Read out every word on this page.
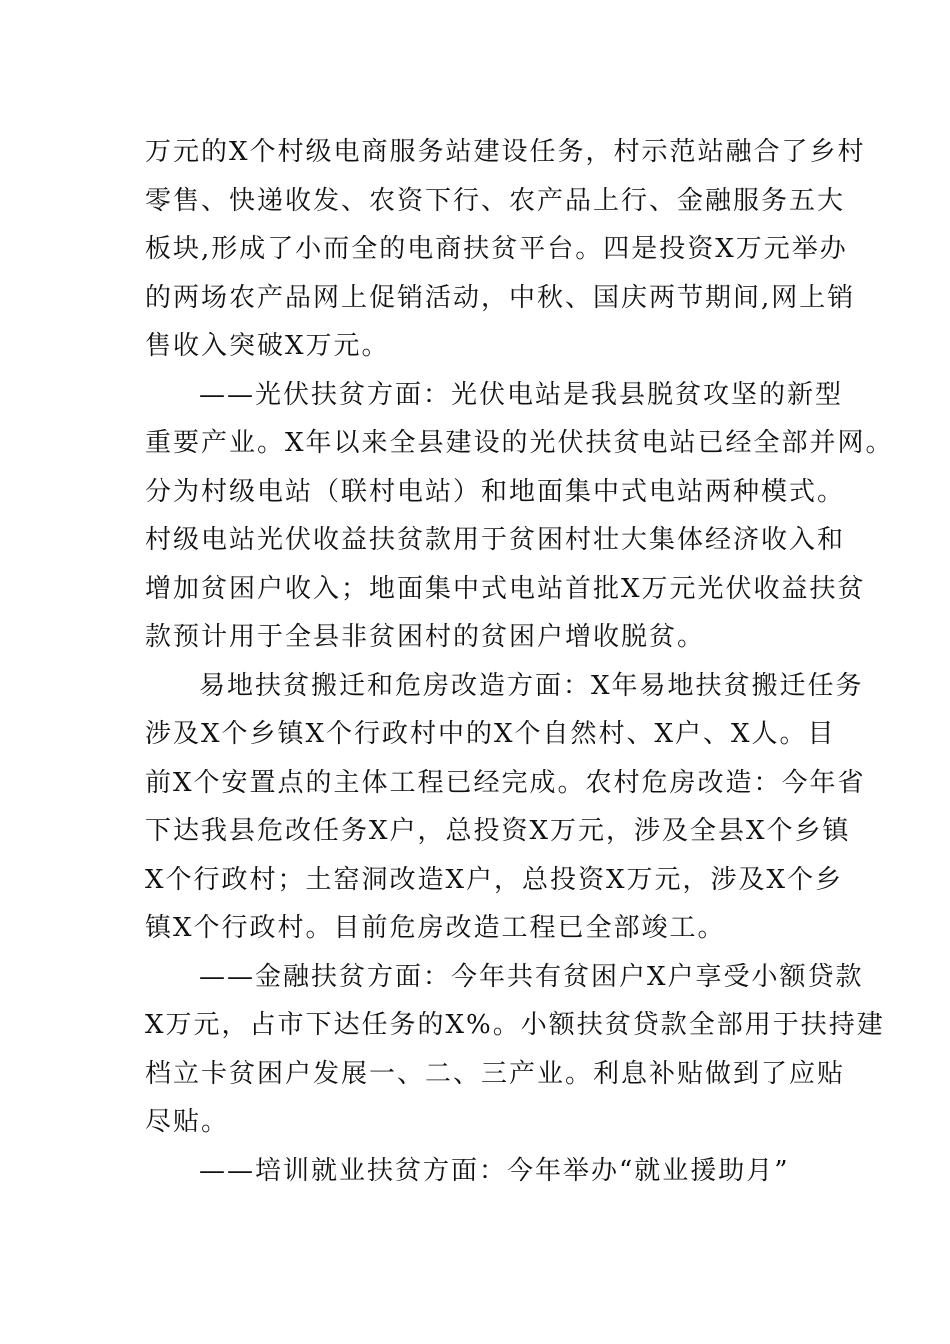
万元的X个村级电商服务站建设任务，村示范站融合了乡村
零售、快递收发、农资下行、农产品上行、金融服务五大
板块,形成了小而全的电商扶贫平台。四是投资X万元举办
的两场农产品网上促销活动，中秋、国庆两节期间,网上销
售收入突破X万元。
——光伏扶贫方面：光伏电站是我县脱贫攻坚的新型
重要产业。X年以来全县建设的光伏扶贫电站已经全部并网。
分为村级电站（联村电站）和地面集中式电站两种模式。
村级电站光伏收益扶贫款用于贫困村壮大集体经济收入和
增加贫困户收入；地面集中式电站首批X万元光伏收益扶贫
款预计用于全县非贫困村的贫困户增收脱贫。
易地扶贫搬迁和危房改造方面：X年易地扶贫搬迁任务
涉及X个乡镇X个行政村中的X个自然村、X户、X人。目
前X个安置点的主体工程已经完成。农村危房改造：今年省
下达我县危改任务X户，总投资X万元，涉及全县X个乡镇
X个行政村；土窑洞改造X户，总投资X万元，涉及X个乡
镇X个行政村。目前危房改造工程已全部竣工。
——金融扶贫方面：今年共有贫困户X户享受小额贷款
X万元，占市下达任务的X%。小额扶贫贷款全部用于扶持建
档立卡贫困户发展一、二、三产业。利息补贴做到了应贴
尽贴。
——培训就业扶贫方面：今年举办“就业援助月”
